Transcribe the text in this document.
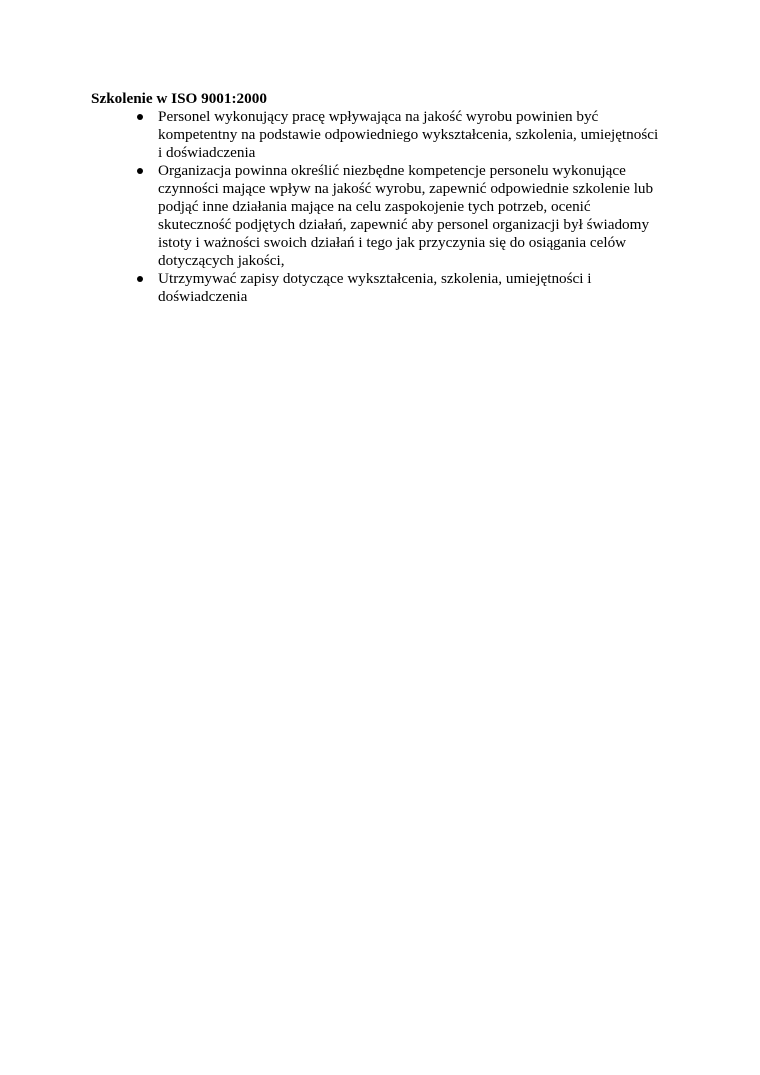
Szkolenie w ISO 9001:2000

Personel wykonujący pracę wpływająca na jakość wyrobu powinien być
kompetentny na podstawie odpowiedniego wykształcenia, szkolenia, umiejętności
i doświadczenia
Organizacja powinna określić niezbędne kompetencje personelu wykonujące
czynności mające wpływ na jakość wyrobu, zapewnić odpowiednie szkolenie lub
podjąć inne działania mające na celu zaspokojenie tych potrzeb, ocenić
skuteczność podjętych działań, zapewnić aby personel organizacji był świadomy
istoty i ważności swoich działań i tego jak przyczynia się do osiągania celów
dotyczących jakości,
Utrzymywać zapisy dotyczące wykształcenia, szkolenia, umiejętności i
doświadczenia
